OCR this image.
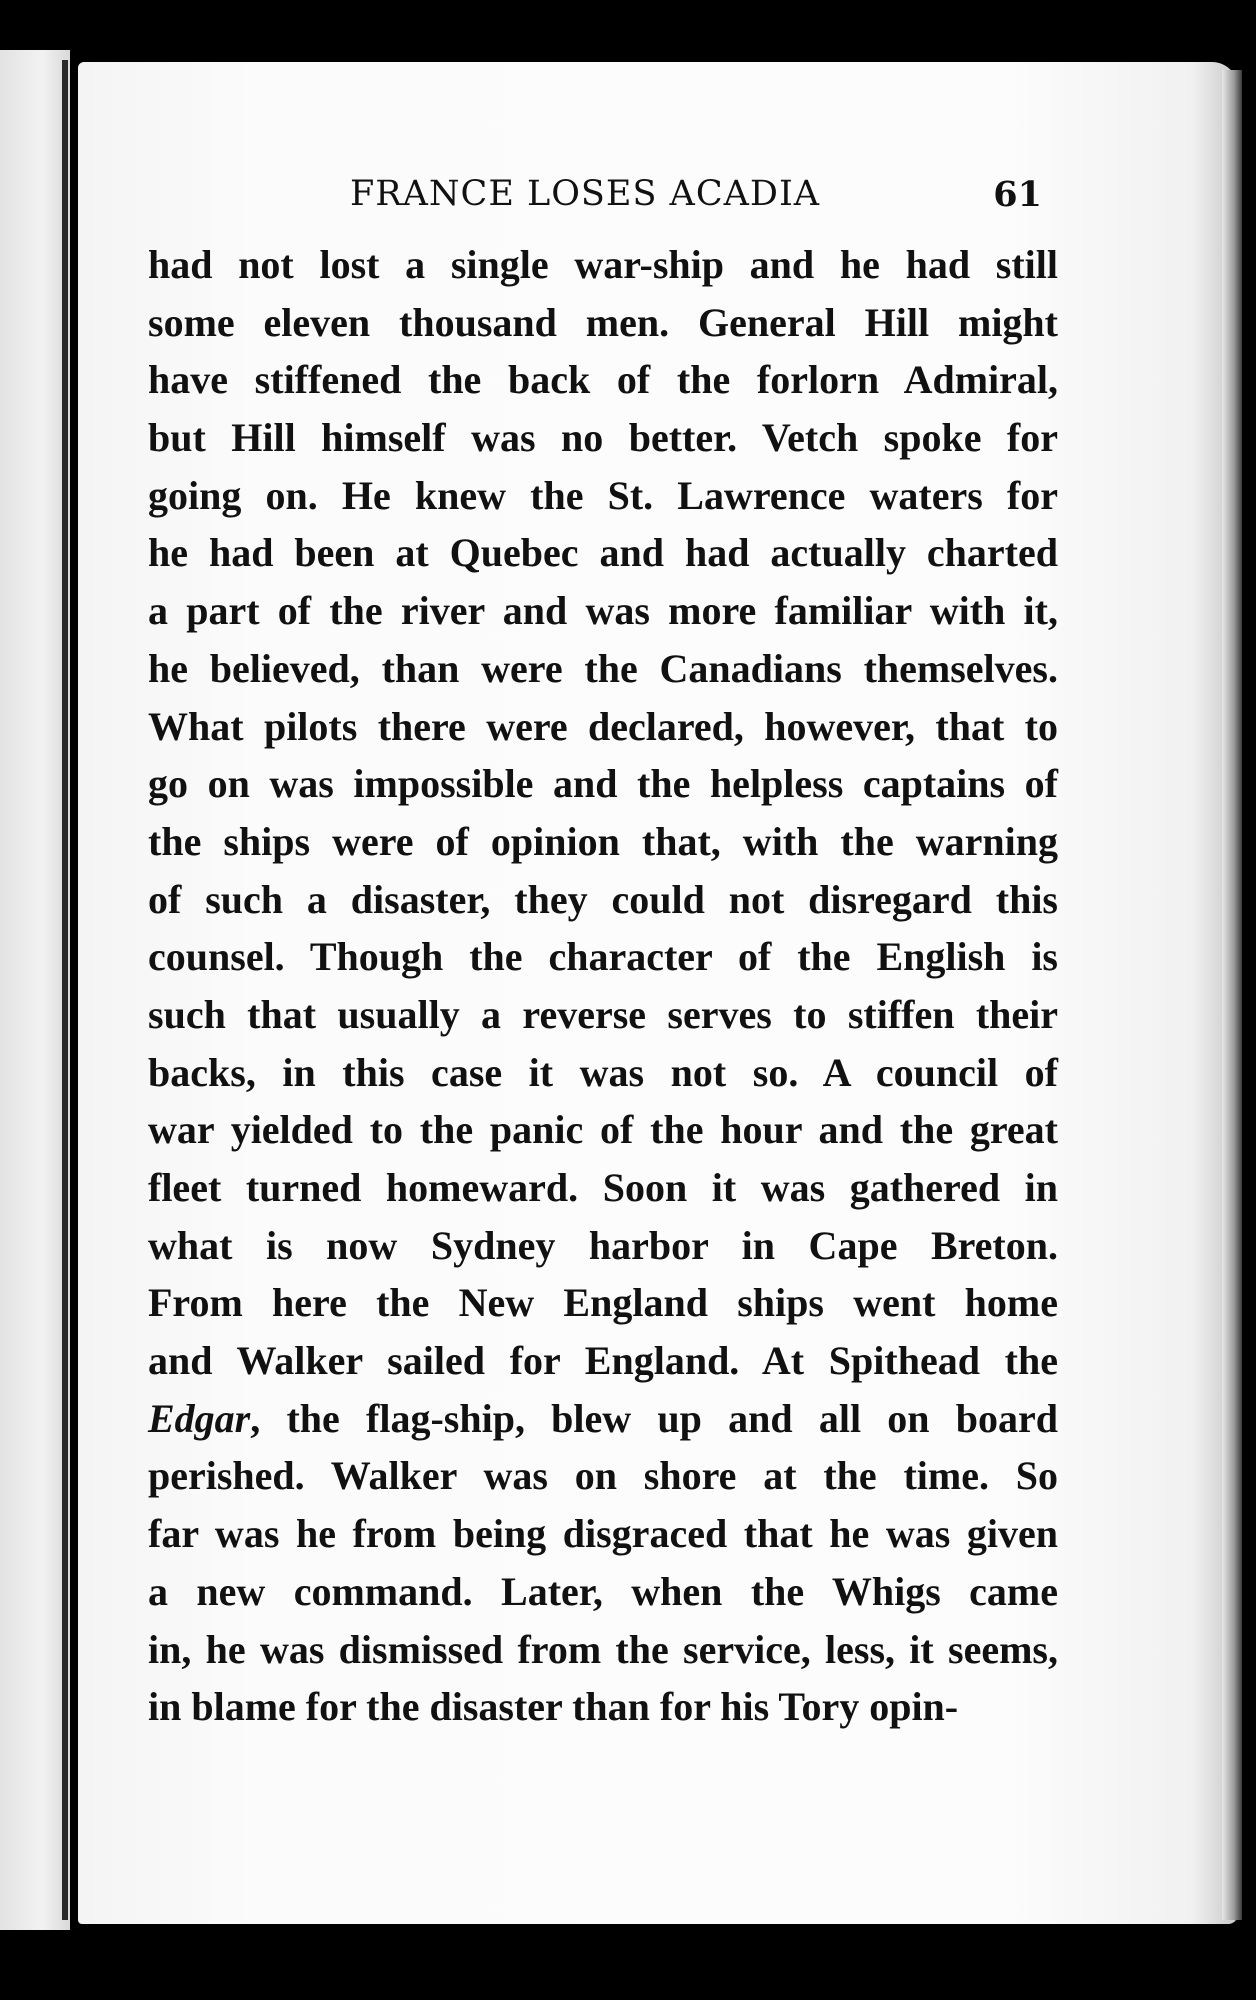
FRANCE LOSES ACADIA	61
had not lost a single war-ship and he had still
some eleven thousand men. General Hill might
have stiffened the back of the forlorn Admiral,
but Hill himself was no better. Vetch spoke for
going on. He knew the St. Lawrence waters for
he had been at Quebec and had actually charted
a part of the river and was more familiar with it,
he believed, than were the Canadians themselves.
What pilots there were declared, however, that to
go on was impossible and the helpless captains of
the ships were of opinion that, with the warning
of such a disaster, they could not disregard this
counsel. Though the character of the English is
such that usually a reverse serves to stiffen their
backs, in this case it was not so. A council of
war yielded to the panic of the hour and the great
fleet turned homeward. Soon it was gathered in
what is now Sydney harbor in Cape Breton.
From here the New England ships went home
and Walker sailed for England. At Spithead the
Edgar, the flag-ship, blew up and all on board
perished. Walker was on shore at the time. So
far was he from being disgraced that he was given
a new command. Later, when the Whigs came
in, he was dismissed from the service, less, it seems,
in blame for the disaster than for his Tory opin-
